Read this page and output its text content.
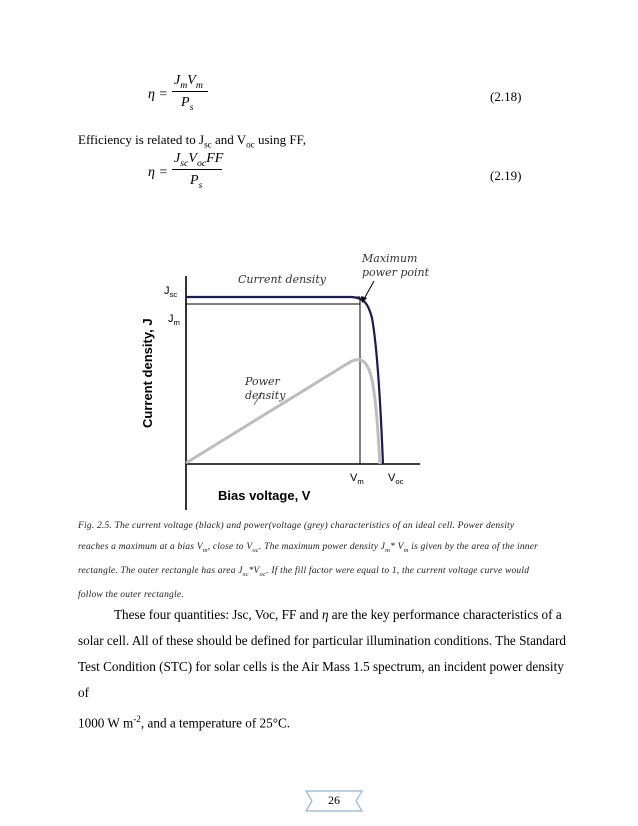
η =
$J_mV_m$
$P_s$
(2.18)
Efficiency is related to $J_{sc}$ and $V_{oc}$ using FF,
η =
$J_{sc}V_{oc}FF$
$P_s$
(2.19)
Current density, J
Bias voltage, V
$J_{sc}$
$J_m$
$V_m$ $V_{oc}$
Current density
Maximum
power point
Power
density
Fig. 2.5. The current voltage (black) and power(voltage (grey) characteristics of an ideal cell. Power density
reaches a maximum at a bias $V_m$, close to $V_{oc}$. The maximum power density $J_m*$ $V_m$ is given by the area of the inner
rectangle. The outer rectangle has area $J_{sc}*V_{oc}$. If the fill factor were equal to 1, the current voltage curve would
follow the outer rectangle.
These four quantities: Jsc, Voc, FF and η are the key performance characteristics of a
solar cell. All of these should be defined for particular illumination conditions. The Standard
Test Condition (STC) for solar cells is the Air Mass 1.5 spectrum, an incident power density of
1000 W $m^{-2}$, and a temperature of 25°C.
26
